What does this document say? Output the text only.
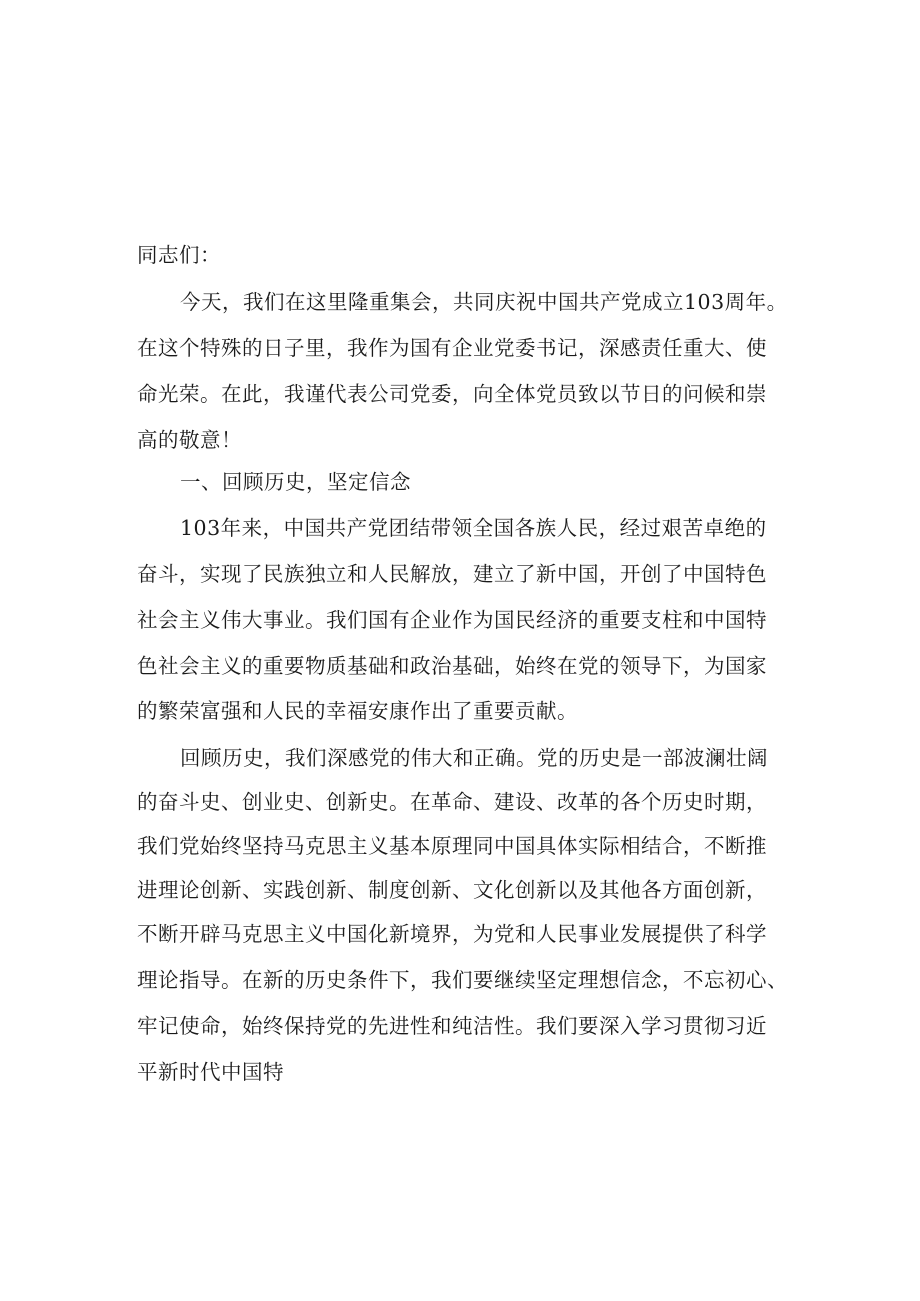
同志们：
今天，我们在这里隆重集会，共同庆祝中国共产党成立103周年。
在这个特殊的日子里，我作为国有企业党委书记，深感责任重大、使
命光荣。在此，我谨代表公司党委，向全体党员致以节日的问候和崇
高的敬意！
一、回顾历史，坚定信念
103年来，中国共产党团结带领全国各族人民，经过艰苦卓绝的
奋斗，实现了民族独立和人民解放，建立了新中国，开创了中国特色
社会主义伟大事业。我们国有企业作为国民经济的重要支柱和中国特
色社会主义的重要物质基础和政治基础，始终在党的领导下，为国家
的繁荣富强和人民的幸福安康作出了重要贡献。
回顾历史，我们深感党的伟大和正确。党的历史是一部波澜壮阔
的奋斗史、创业史、创新史。在革命、建设、改革的各个历史时期，
我们党始终坚持马克思主义基本原理同中国具体实际相结合，不断推
进理论创新、实践创新、制度创新、文化创新以及其他各方面创新，
不断开辟马克思主义中国化新境界，为党和人民事业发展提供了科学
理论指导。在新的历史条件下，我们要继续坚定理想信念，不忘初心、
牢记使命，始终保持党的先进性和纯洁性。我们要深入学习贯彻习近
平新时代中国特
